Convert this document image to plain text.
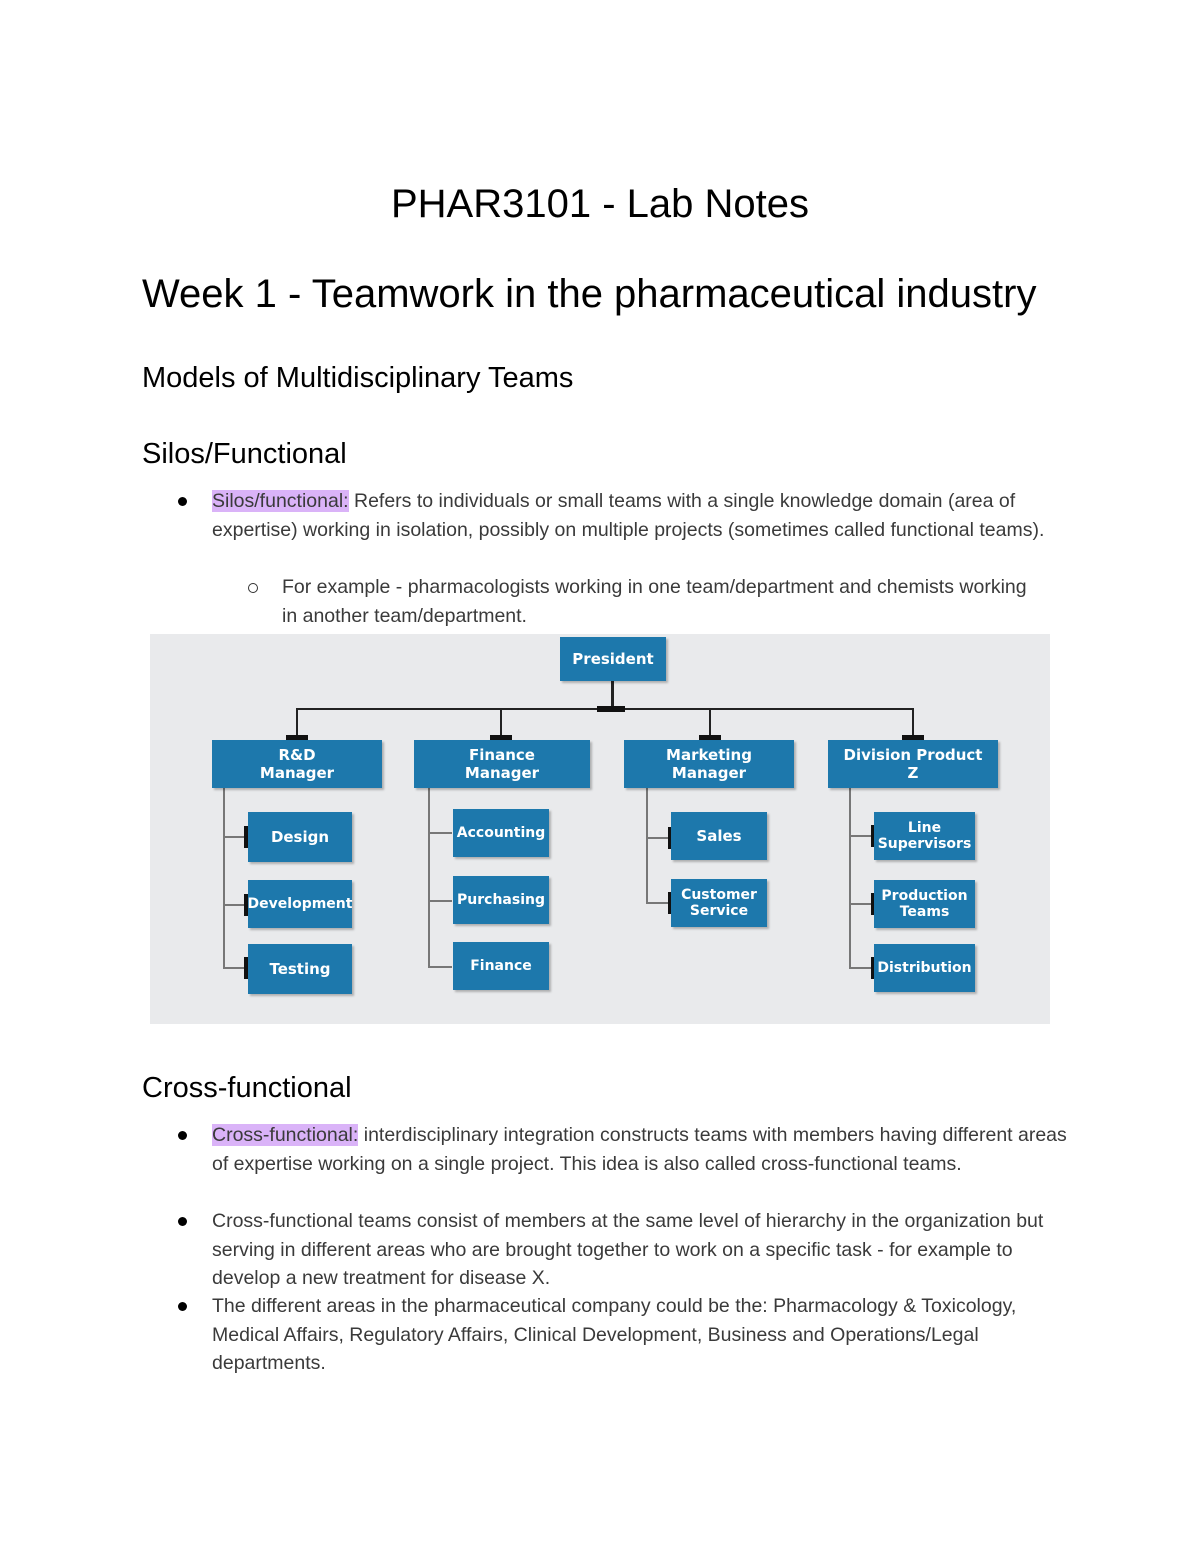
PHAR3101 - Lab Notes
Week 1 - Teamwork in the pharmaceutical industry
Models of Multidisciplinary Teams
Silos/Functional
Silos/functional: Refers to individuals or small teams with a single knowledge domain (area of expertise) working in isolation, possibly on multiple projects (sometimes called functional teams).
For example - pharmacologists working in one team/department and chemists working in another team/department.
President
R&D
Manager
Finance
Manager
Marketing
Manager
Division Product
Z
Design
Development
Testing
Accounting
Purchasing
Finance
Sales
Customer
Service
Line
Supervisors
Production
Teams
Distribution
Cross-functional
Cross-functional: interdisciplinary integration constructs teams with members having different areas of expertise working on a single project. This idea is also called cross-functional teams.
Cross-functional teams consist of members at the same level of hierarchy in the organization but serving in different areas who are brought together to work on a specific task - for example to develop a new treatment for disease X.
The different areas in the pharmaceutical company could be the: Pharmacology & Toxicology, Medical Affairs, Regulatory Affairs, Clinical Development, Business and Operations/Legal departments.
